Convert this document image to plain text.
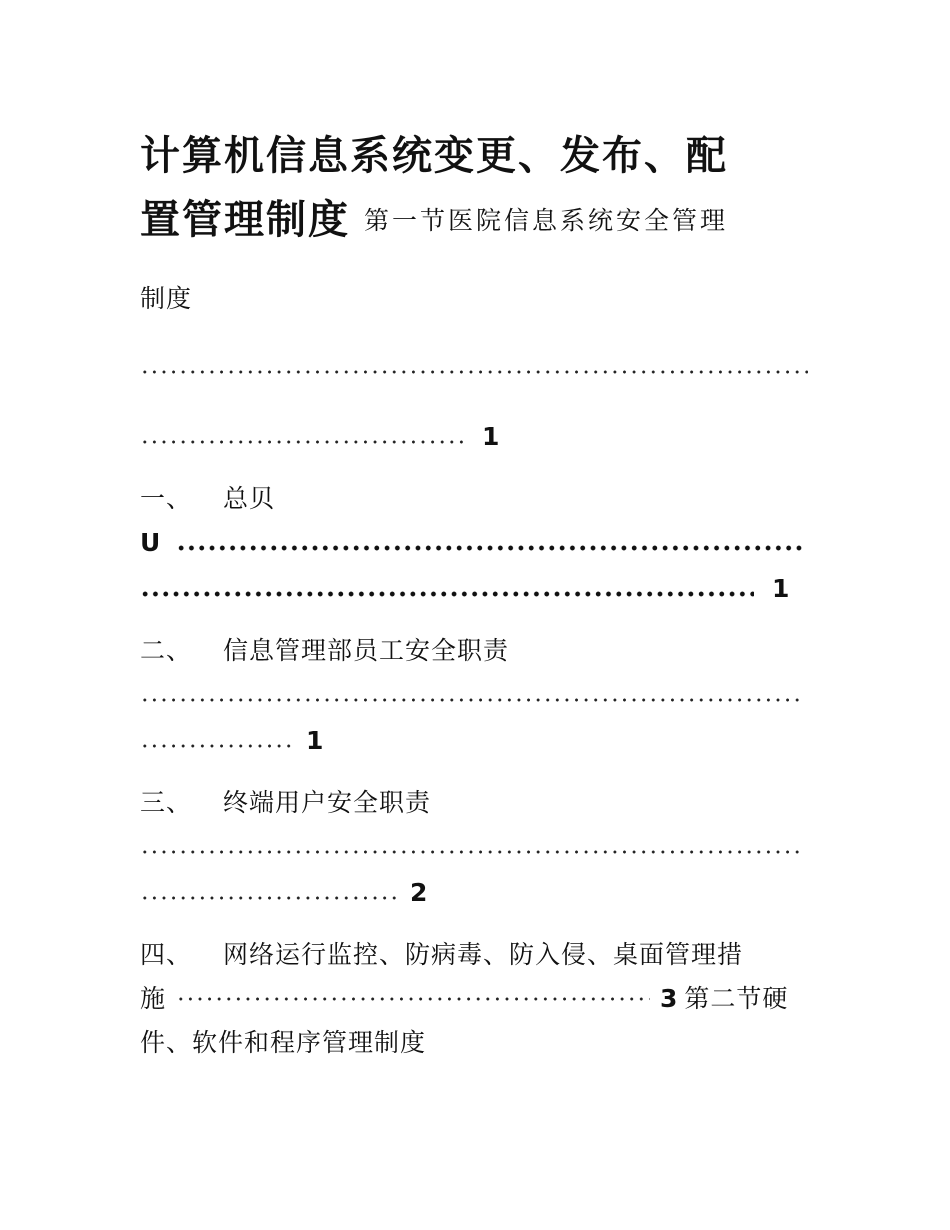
计算机信息系统变更、发布、配
置管理制度 第一节医院信息系统安全管理
制度
1
一、 总贝
U
1
二、 信息管理部员工安全职责
1
三、 终端用户安全职责
2
四、 网络运行监控、防病毒、防入侵、桌面管理措
施	3 第二节硬
件、软件和程序管理制度
